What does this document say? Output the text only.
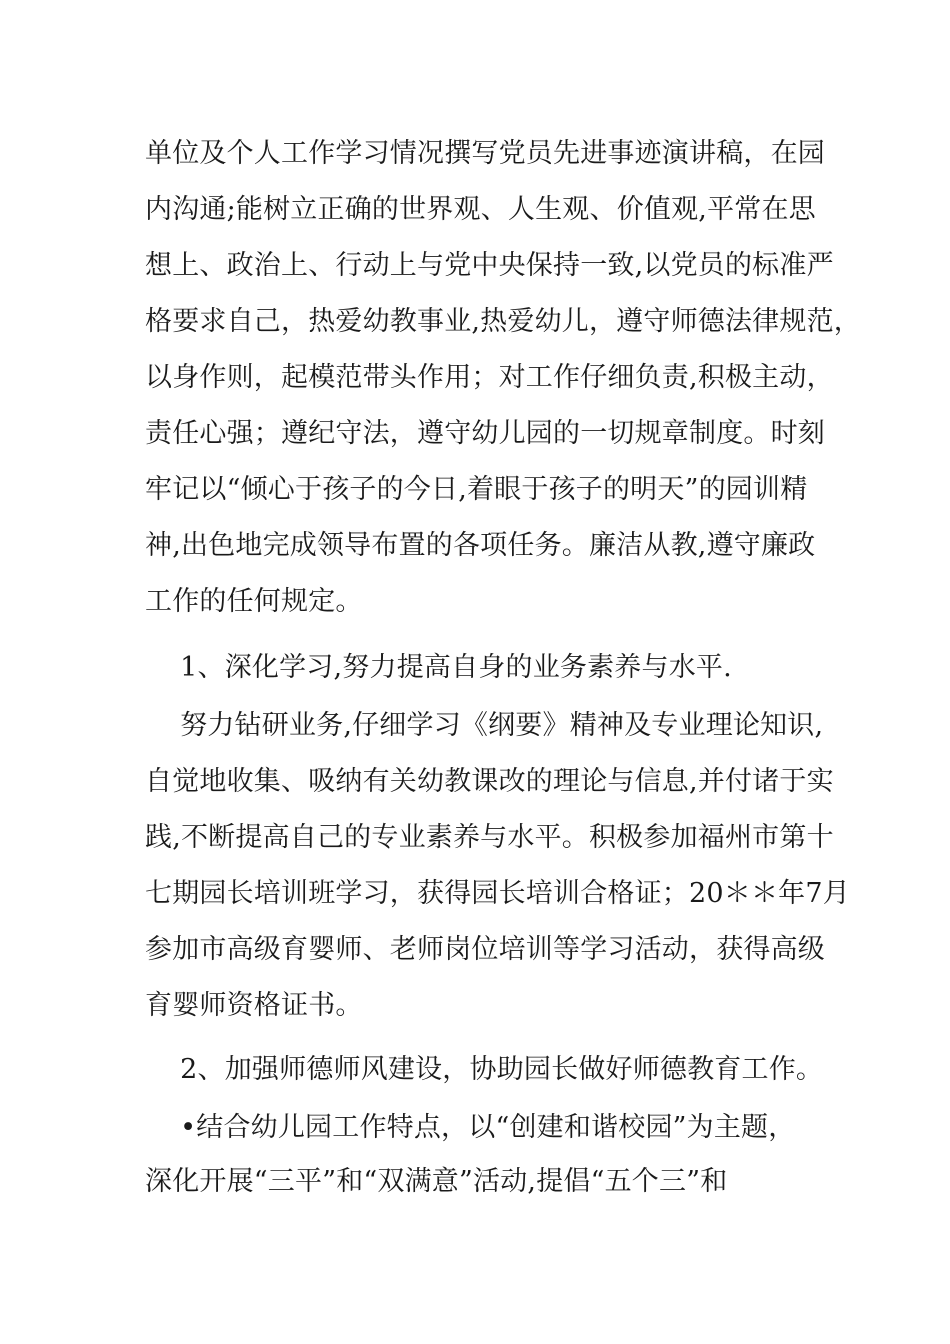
单位及个人工作学习情况撰写党员先进事迹演讲稿，在园
内沟通;能树立正确的世界观、人生观、价值观,平常在思
想上、政治上、行动上与党中央保持一致,以党员的标准严
格要求自己，热爱幼教事业,热爱幼儿，遵守师德法律规范，
以身作则，起模范带头作用；对工作仔细负责,积极主动，
责任心强；遵纪守法，遵守幼儿园的一切规章制度。时刻
牢记以“倾心于孩子的今日,着眼于孩子的明天”的园训精
神,出色地完成领导布置的各项任务。廉洁从教,遵守廉政
工作的任何规定。
1、深化学习,努力提高自身的业务素养与水平.
努力钻研业务,仔细学习《纲要》精神及专业理论知识,
自觉地收集、吸纳有关幼教课改的理论与信息,并付诸于实
践,不断提高自己的专业素养与水平。积极参加福州市第十
七期园长培训班学习，获得园长培训合格证；20＊＊年7月
参加市高级育婴师、老师岗位培训等学习活动，获得高级
育婴师资格证书。
2、加强师德师风建设，协助园长做好师德教育工作。
•结合幼儿园工作特点，以“创建和谐校园”为主题，
深化开展“三平”和“双满意”活动,提倡“五个三”和
